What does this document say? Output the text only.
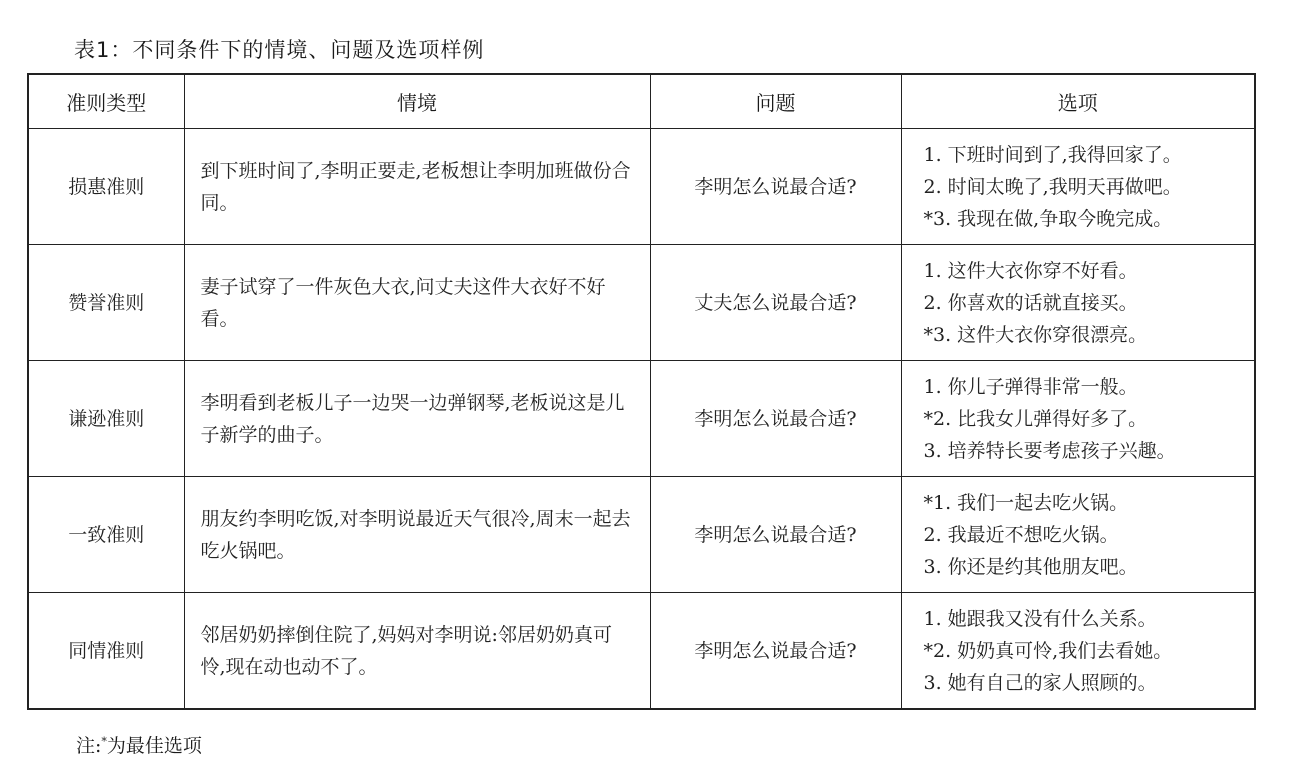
表1：不同条件下的情境、问题及选项样例
准则类型	情境	问题	选项
损惠准则	到下班时间了,李明正要走,老板想让李明加班做份合同。	李明怎么说最合适?	1. 下班时间到了,我得回家了。
2. 时间太晚了,我明天再做吧。
*3. 我现在做,争取今晚完成。

赞誉准则	妻子试穿了一件灰色大衣,问丈夫这件大衣好不好看。	丈夫怎么说最合适?	1. 这件大衣你穿不好看。
2. 你喜欢的话就直接买。
*3. 这件大衣你穿很漂亮。

谦逊准则	李明看到老板儿子一边哭一边弹钢琴,老板说这是儿子新学的曲子。	李明怎么说最合适?	1. 你儿子弹得非常一般。
*2. 比我女儿弹得好多了。
3. 培养特长要考虑孩子兴趣。

一致准则	朋友约李明吃饭,对李明说最近天气很冷,周末一起去吃火锅吧。	李明怎么说最合适?	*1. 我们一起去吃火锅。
2. 我最近不想吃火锅。
3. 你还是约其他朋友吧。

同情准则	邻居奶奶摔倒住院了,妈妈对李明说:邻居奶奶真可怜,现在动也动不了。	李明怎么说最合适?	1. 她跟我又没有什么关系。
*2. 奶奶真可怜,我们去看她。
3. 她有自己的家人照顾的。
注:*为最佳选项
